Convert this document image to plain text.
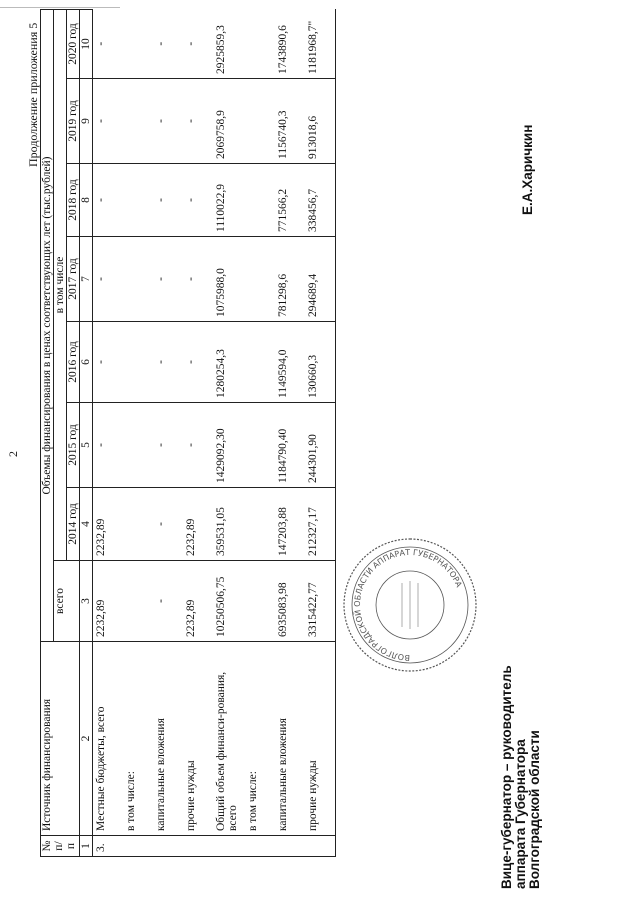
2
Продолжение приложения 5
№ п/п	Источник финансирования	Объемы финансирования в ценах соответствующих лет (тыс.рублей)							
		всего	в том числе						
			2014 год	2015 год	2016 год	2017 год	2018 год	2019 год	2020 год
1	2	3	4	5	6	7	8	9	10
3.	Местные бюджеты, всего	2232,89	2232,89	-	-	-	-	-	-
	в том числе:								
	капитальные вложения	-	-	-	-	-	-	-	-
	прочие нужды	2232,89	2232,89	-	-	-	-	-	-
	Общий объем финанси-рования, всего	10250506,75	359531,05	1429092,30	1280254,3	1075988,0	1110022,9	2069758,9	2925859,3
	в том числе:								
	капитальные вложения	6935083,98	147203,88	1184790,40	1149594,0	781298,6	771566,2	1156740,3	1743890,6
	прочие нужды	3315422,77	212327,17	244301,90	130660,3	294689,4	338456,7	913018,6	1181968,7"
ВОЛГОГРАДСКОЙ ОБЛАСТИ АППАРАТ ГУБЕРНАТОРА
Вице-губернатор – руководитель аппарата Губернатора Волгоградской области
Е.А.Харичкин
